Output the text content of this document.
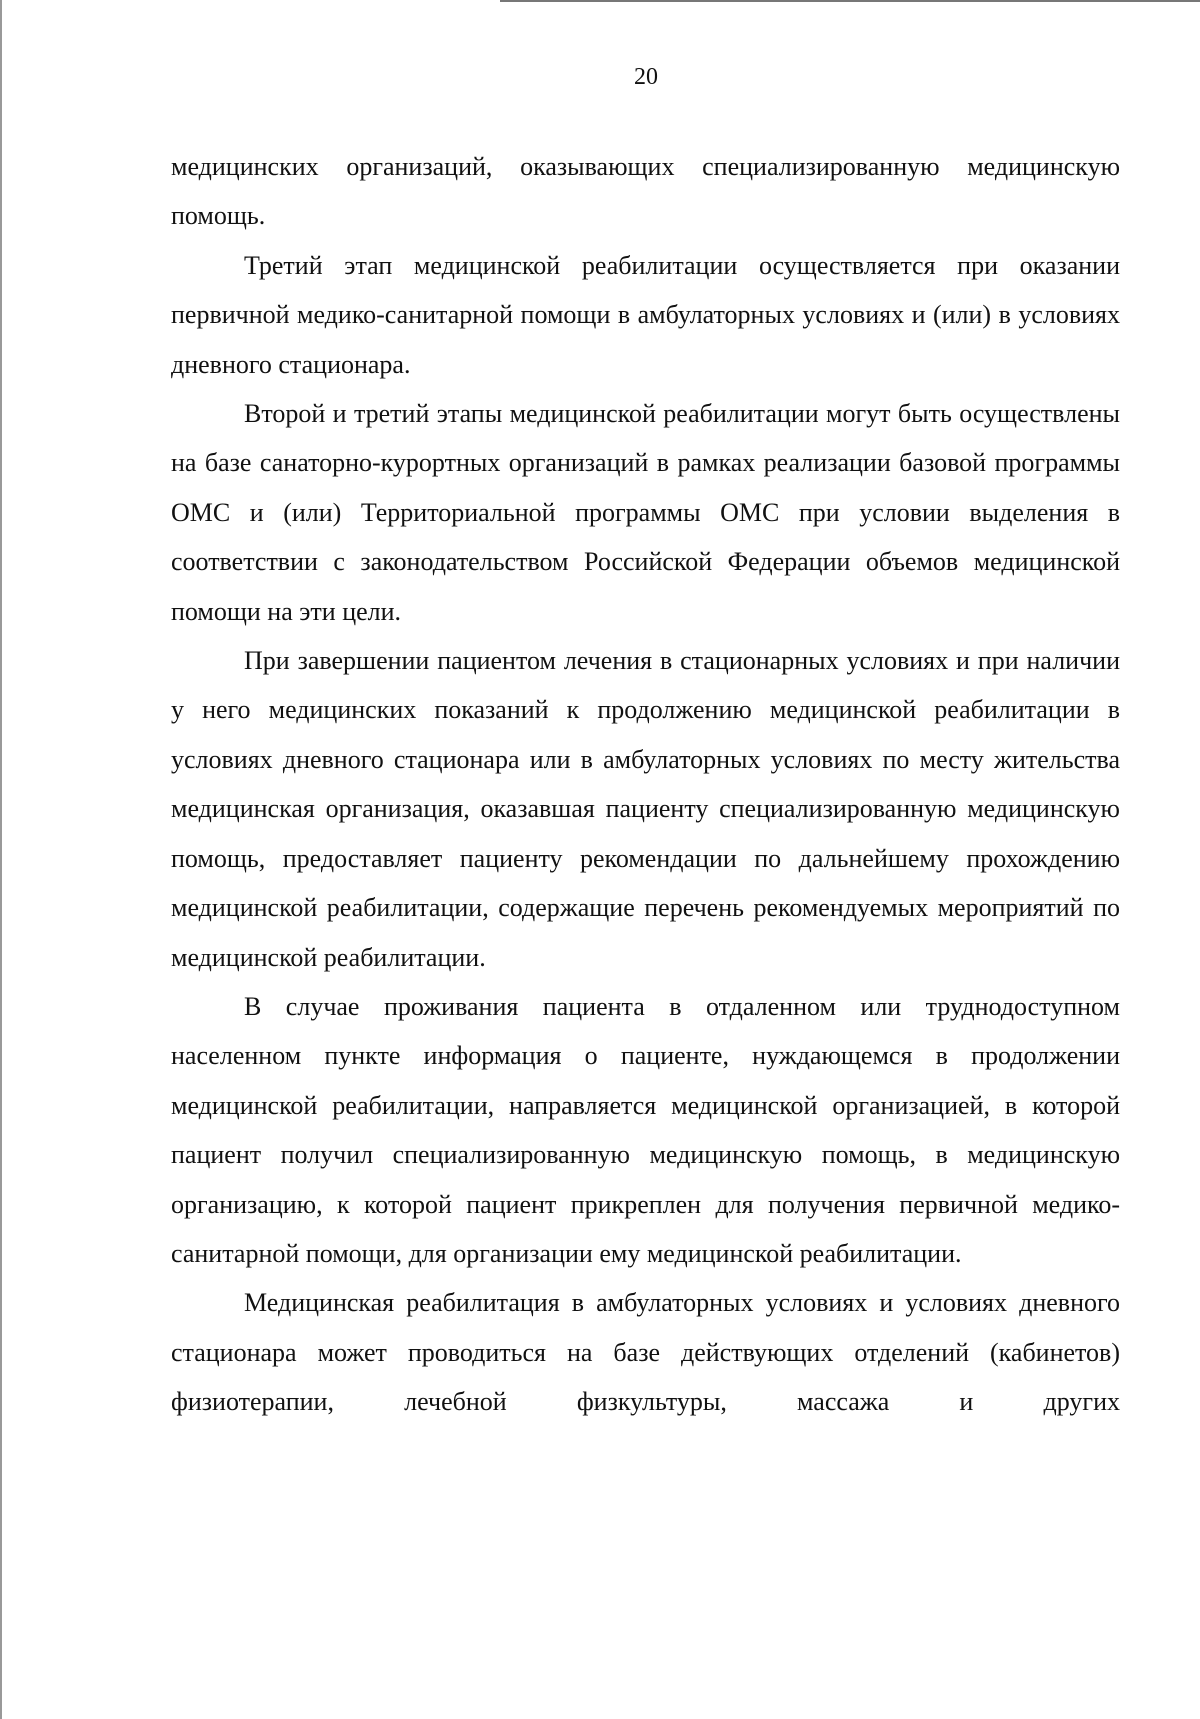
20

медицинских организаций, оказывающих специализированную медицинскую помощь.

Третий этап медицинской реабилитации осуществляется при оказании первичной медико-санитарной помощи в амбулаторных условиях и (или) в условиях дневного стационара.

Второй и третий этапы медицинской реабилитации могут быть осуществлены на базе санаторно-курортных организаций в рамках реализации базовой программы ОМС и (или) Территориальной программы ОМС при условии выделения в соответствии с законодательством Российской Федерации объемов медицинской помощи на эти цели.

При завершении пациентом лечения в стационарных условиях и при наличии у него медицинских показаний к продолжению медицинской реабилитации в условиях дневного стационара или в амбулаторных условиях по месту жительства медицинская организация, оказавшая пациенту специализированную медицинскую помощь, предоставляет пациенту рекомендации по дальнейшему прохождению медицинской реабилитации, содержащие перечень рекомендуемых мероприятий по медицинской реабилитации.

В случае проживания пациента в отдаленном или труднодоступном населенном пункте информация о пациенте, нуждающемся в продолжении медицинской реабилитации, направляется медицинской организацией, в которой пациент получил специализированную медицинскую помощь, в медицинскую организацию, к которой пациент прикреплен для получения первичной медико-санитарной помощи, для организации ему медицинской реабилитации.

Медицинская реабилитация в амбулаторных условиях и условиях дневного стационара может проводиться на базе действующих отделений (кабинетов) физиотерапии, лечебной физкультуры, массажа и других
